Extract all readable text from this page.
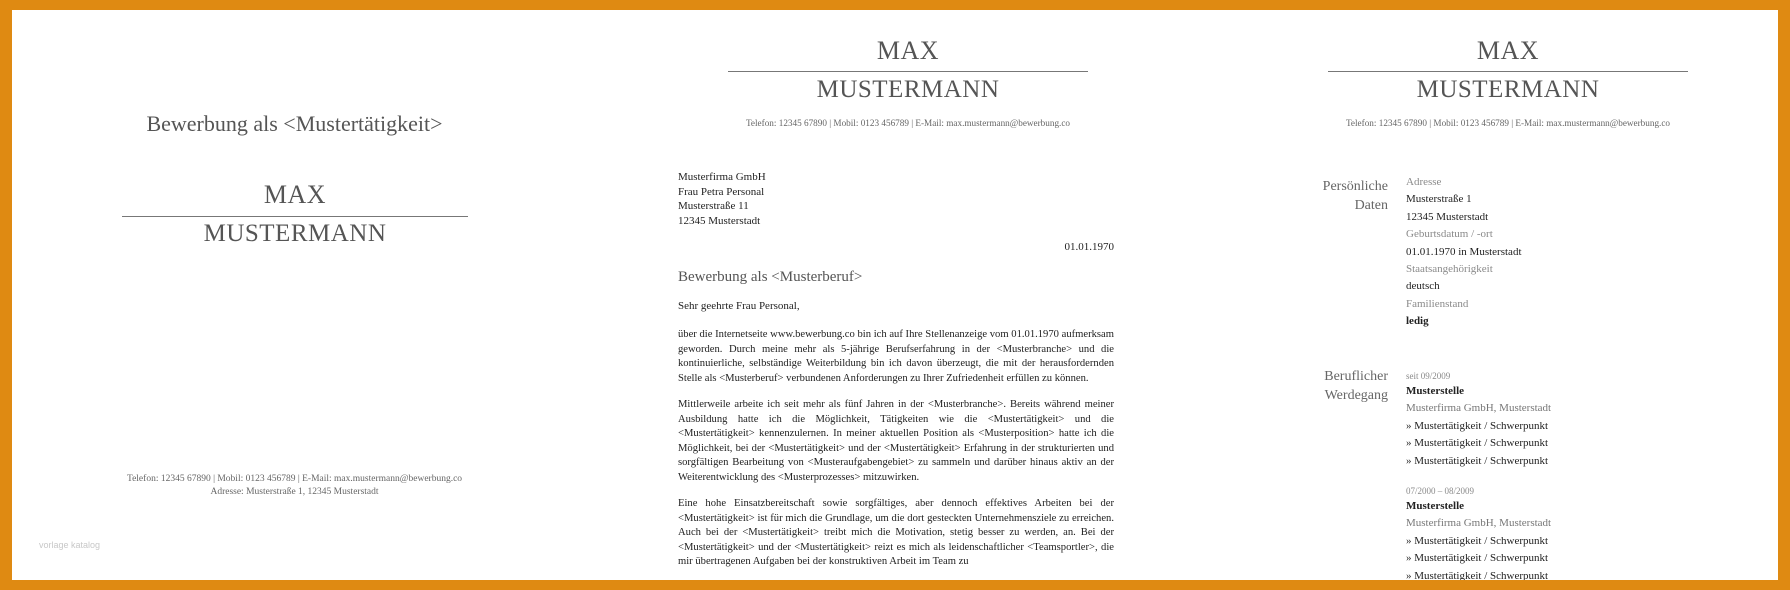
Bewerbung als <Mustertätigkeit>
MAX
MUSTERMANN
Telefon: 12345 67890 | Mobil: 0123 456789 | E-Mail: max.mustermann@bewerbung.co
Adresse: Musterstraße 1, 12345 Musterstadt
vorlage katalog
MAX
MUSTERMANN
Telefon: 12345 67890 | Mobil: 0123 456789 | E-Mail: max.mustermann@bewerbung.co
Musterfirma GmbH
Frau Petra Personal
Musterstraße 11
12345 Musterstadt
01.01.1970
Bewerbung als <Musterberuf>
Sehr geehrte Frau Personal,

über die Internetseite www.bewerbung.co bin ich auf Ihre Stellenanzeige vom 01.01.1970 aufmerksam geworden. Durch meine mehr als 5-jährige Berufserfahrung in der <Musterbranche> und die kontinuierliche, selbständige Weiterbildung bin ich davon überzeugt, die mit der herausfordernden Stelle als <Musterberuf> verbundenen Anforderungen zu Ihrer Zufriedenheit erfüllen zu können.

Mittlerweile arbeite ich seit mehr als fünf Jahren in der <Musterbranche>. Bereits während meiner Ausbildung hatte ich die Möglichkeit, Tätigkeiten wie die <Mustertätigkeit> und die <Mustertätigkeit> kennenzulernen. In meiner aktuellen Position als <Musterposition> hatte ich die Möglichkeit, bei der <Mustertätigkeit> und der <Mustertätigkeit> Erfahrung in der strukturierten und sorgfältigen Bearbeitung von <Musteraufgabengebiet> zu sammeln und darüber hinaus aktiv an der Weiterentwicklung des <Musterprozesses> mitzuwirken.

Eine hohe Einsatzbereitschaft sowie sorgfältiges, aber dennoch effektives Arbeiten bei der <Mustertätigkeit> ist für mich die Grundlage, um die dort gesteckten Unternehmensziele zu erreichen. Auch bei der <Mustertätigkeit> treibt mich die Motivation, stetig besser zu werden, an. Bei der <Mustertätigkeit> und der <Mustertätigkeit> reizt es mich als leidenschaftlicher <Teamsportler>, die mir übertragenen Aufgaben bei der konstruktiven Arbeit im Team zu

MAX
MUSTERMANN
Telefon: 12345 67890 | Mobil: 0123 456789 | E-Mail: max.mustermann@bewerbung.co
Persönliche
Daten
Adresse
Musterstraße 1
12345 Musterstadt
Geburtsdatum / -ort
01.01.1970 in Musterstadt
Staatsangehörigkeit
deutsch
Familienstand
ledig
Beruflicher
Werdegang
seit 09/2009
Musterstelle
Musterfirma GmbH, Musterstadt
» Mustertätigkeit / Schwerpunkt
» Mustertätigkeit / Schwerpunkt
» Mustertätigkeit / Schwerpunkt
07/2000 – 08/2009
Musterstelle
Musterfirma GmbH, Musterstadt
» Mustertätigkeit / Schwerpunkt
» Mustertätigkeit / Schwerpunkt
» Mustertätigkeit / Schwerpunkt
